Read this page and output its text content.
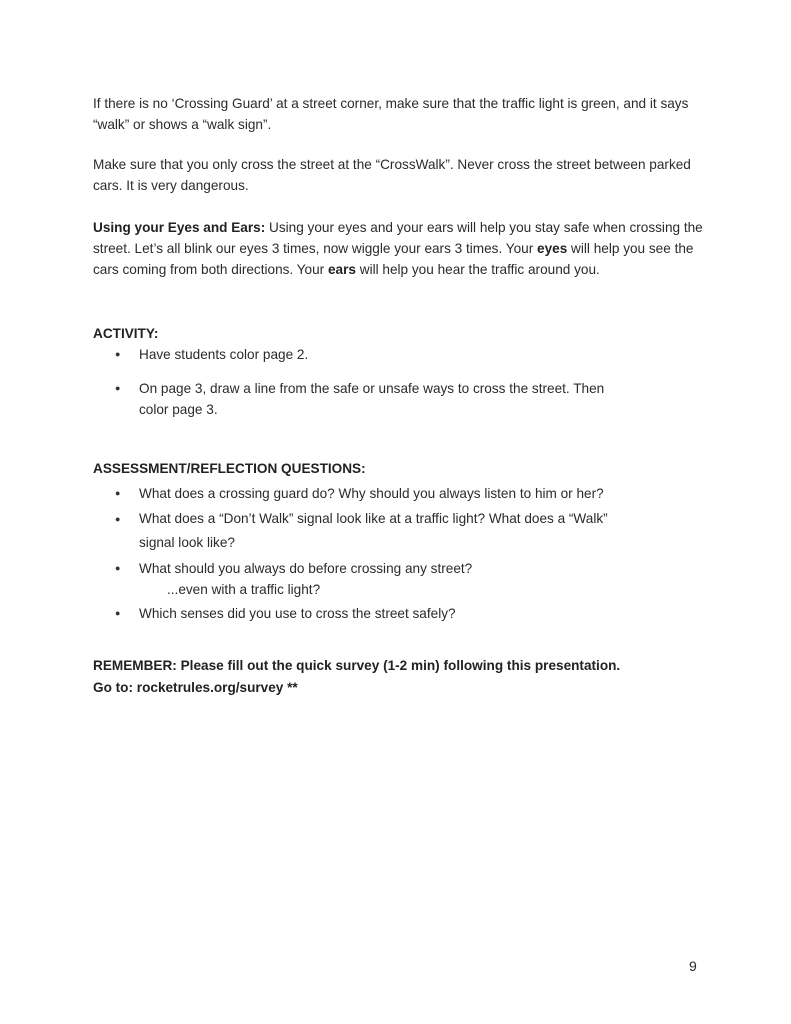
If there is no ‘Crossing Guard’ at a street corner, make sure that the traffic light is green, and it says “walk” or shows a “walk sign”.

Make sure that you only cross the street at the “CrossWalk”. Never cross the street between parked cars. It is very dangerous.

Using your Eyes and Ears: Using your eyes and your ears will help you stay safe when crossing the street. Let’s all blink our eyes 3 times, now wiggle your ears 3 times. Your eyes will help you see the cars coming from both directions. Your ears will help you hear the traffic around you.

ACTIVITY:
● Have students color page 2.
● On page 3, draw a line from the safe or unsafe ways to cross the street. Then color page 3.
ASSESSMENT/REFLECTION QUESTIONS:
● What does a crossing guard do? Why should you always listen to him or her?
● What does a “Don’t Walk” signal look like at a traffic light? What does a “Walk” signal look like?
● What should you always do before crossing any street?
...even with a traffic light?
● Which senses did you use to cross the street safely?
REMEMBER: Please fill out the quick survey (1-2 min) following this presentation.
Go to: rocketrules.org/survey **
9
